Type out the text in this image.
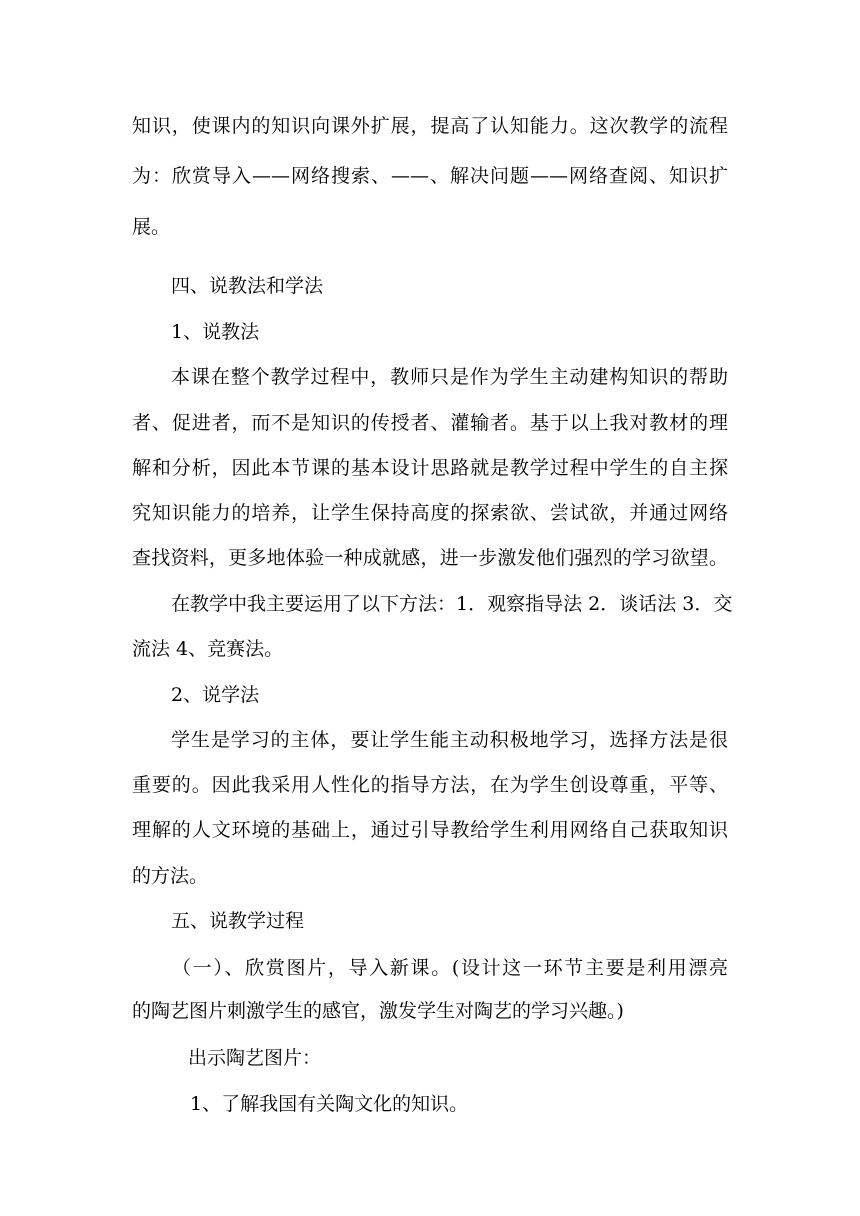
知识，使课内的知识向课外扩展，提高了认知能力。这次教学的流程
为：欣赏导入——网络搜索、——、解决问题——网络查阅、知识扩
展。
四、说教法和学法
1、说教法
本课在整个教学过程中，教师只是作为学生主动建构知识的帮助
者、促进者，而不是知识的传授者、灌输者。基于以上我对教材的理
解和分析，因此本节课的基本设计思路就是教学过程中学生的自主探
究知识能力的培养，让学生保持高度的探索欲、尝试欲，并通过网络
查找资料，更多地体验一种成就感，进一步激发他们强烈的学习欲望。
在教学中我主要运用了以下方法：1．观察指导法 2．谈话法 3．交
流法 4、竞赛法。
2、说学法
学生是学习的主体，要让学生能主动积极地学习，选择方法是很
重要的。因此我采用人性化的指导方法，在为学生创设尊重，平等、
理解的人文环境的基础上，通过引导教给学生利用网络自己获取知识
的方法。
五、说教学过程
（一）、欣赏图片，导入新课。(设计这一环节主要是利用漂亮
的陶艺图片刺激学生的感官，激发学生对陶艺的学习兴趣。)
出示陶艺图片：
1、了解我国有关陶文化的知识。
